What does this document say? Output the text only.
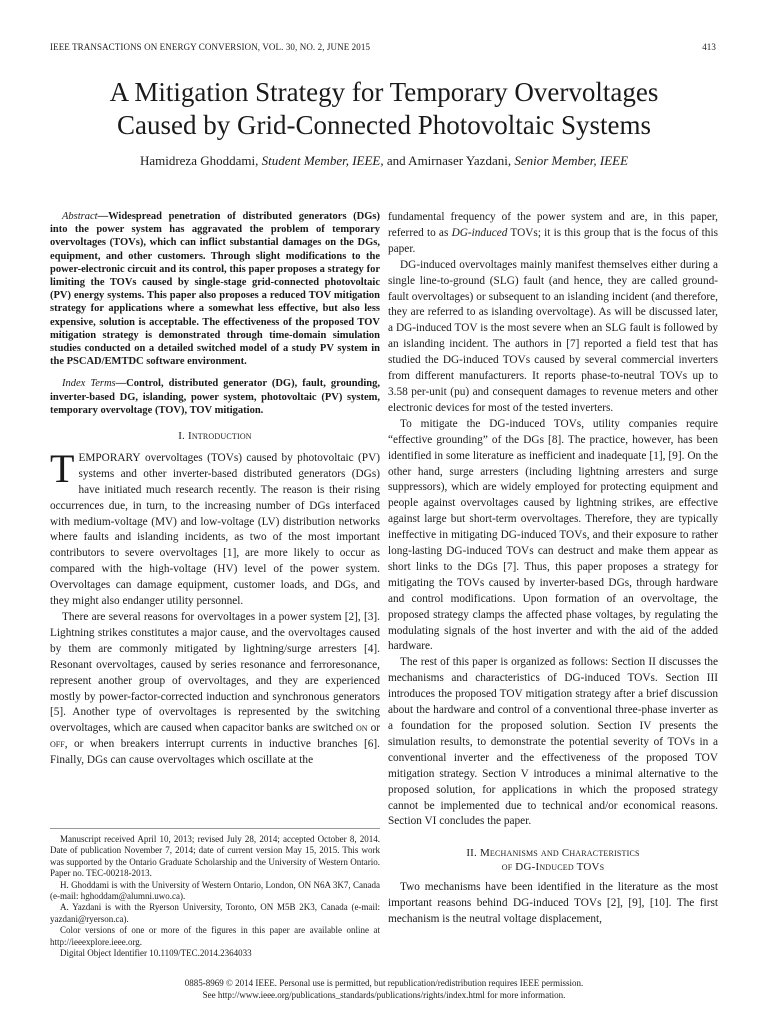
IEEE TRANSACTIONS ON ENERGY CONVERSION, VOL. 30, NO. 2, JUNE 2015	413
A Mitigation Strategy for Temporary Overvoltages
Caused by Grid-Connected Photovoltaic Systems
Hamidreza Ghoddami, Student Member, IEEE, and Amirnaser Yazdani, Senior Member, IEEE

Abstract—Widespread penetration of distributed generators (DGs) into the power system has aggravated the problem of temporary overvoltages (TOVs), which can inflict substantial damages on the DGs, equipment, and other customers. Through slight modifications to the power-electronic circuit and its control, this paper proposes a strategy for limiting the TOVs caused by single-stage grid-connected photovoltaic (PV) energy systems. This paper also proposes a reduced TOV mitigation strategy for applications where a somewhat less effective, but also less expensive, solution is acceptable. The effectiveness of the proposed TOV mitigation strategy is demonstrated through time-domain simulation studies conducted on a detailed switched model of a study PV system in the PSCAD/EMTDC software environment.

Index Terms—Control, distributed generator (DG), fault, grounding, inverter-based DG, islanding, power system, photovoltaic (PV) system, temporary overvoltage (TOV), TOV mitigation.

I. Introduction

TEMPORARY overvoltages (TOVs) caused by photovoltaic (PV) systems and other inverter-based distributed generators (DGs) have initiated much research recently. The reason is their rising occurrences due, in turn, to the increasing number of DGs interfaced with medium-voltage (MV) and low-voltage (LV) distribution networks where faults and islanding incidents, as two of the most important contributors to severe overvoltages [1], are more likely to occur as compared with the high-voltage (HV) level of the power system. Overvoltages can damage equipment, customer loads, and DGs, and they might also endanger utility personnel.

There are several reasons for overvoltages in a power system [2], [3]. Lightning strikes constitutes a major cause, and the overvoltages caused by them are commonly mitigated by lightning/surge arresters [4]. Resonant overvoltages, caused by series resonance and ferroresonance, represent another group of overvoltages, and they are experienced mostly by power-factor-corrected induction and synchronous generators [5]. Another type of overvoltages is represented by the switching overvoltages, which are caused when capacitor banks are switched on or off, or when breakers interrupt currents in inductive branches [6]. Finally, DGs can cause overvoltages which oscillate at the

Manuscript received April 10, 2013; revised July 28, 2014; accepted October 8, 2014. Date of publication November 7, 2014; date of current version May 15, 2015. This work was supported by the Ontario Graduate Scholarship and the University of Western Ontario. Paper no. TEC-00218-2013.

H. Ghoddami is with the University of Western Ontario, London, ON N6A 3K7, Canada (e-mail: hghoddam@alumni.uwo.ca).

A. Yazdani is with the Ryerson University, Toronto, ON M5B 2K3, Canada (e-mail: yazdani@ryerson.ca).

Color versions of one or more of the figures in this paper are available online at http://ieeexplore.ieee.org.

Digital Object Identifier 10.1109/TEC.2014.2364033

fundamental frequency of the power system and are, in this paper, referred to as DG-induced TOVs; it is this group that is the focus of this paper.

DG-induced overvoltages mainly manifest themselves either during a single line-to-ground (SLG) fault (and hence, they are called ground-fault overvoltages) or subsequent to an islanding incident (and therefore, they are referred to as islanding overvoltage). As will be discussed later, a DG-induced TOV is the most severe when an SLG fault is followed by an islanding incident. The authors in [7] reported a field test that has studied the DG-induced TOVs caused by several commercial inverters from different manufacturers. It reports phase-to-neutral TOVs up to 3.58 per-unit (pu) and consequent damages to revenue meters and other electronic devices for most of the tested inverters.

To mitigate the DG-induced TOVs, utility companies require “effective grounding” of the DGs [8]. The practice, however, has been identified in some literature as inefficient and inadequate [1], [9]. On the other hand, surge arresters (including lightning arresters and surge suppressors), which are widely employed for protecting equipment and people against overvoltages caused by lightning strikes, are effective against large but short-term overvoltages. Therefore, they are typically ineffective in mitigating DG-induced TOVs, and their exposure to rather long-lasting DG-induced TOVs can destruct and make them appear as short links to the DGs [7]. Thus, this paper proposes a strategy for mitigating the TOVs caused by inverter-based DGs, through hardware and control modifications. Upon formation of an overvoltage, the proposed strategy clamps the affected phase voltages, by regulating the modulating signals of the host inverter and with the aid of the added hardware.

The rest of this paper is organized as follows: Section II discusses the mechanisms and characteristics of DG-induced TOVs. Section III introduces the proposed TOV mitigation strategy after a brief discussion about the hardware and control of a conventional three-phase inverter as a foundation for the proposed solution. Section IV presents the simulation results, to demonstrate the potential severity of TOVs in a conventional inverter and the effectiveness of the proposed TOV mitigation strategy. Section V introduces a minimal alternative to the proposed solution, for applications in which the proposed strategy cannot be implemented due to technical and/or economical reasons. Section VI concludes the paper.

II. Mechanisms and Characteristics
of DG-Induced TOVs

Two mechanisms have been identified in the literature as the most important reasons behind DG-induced TOVs [2], [9], [10]. The first mechanism is the neutral voltage displacement,

0885-8969 © 2014 IEEE. Personal use is permitted, but republication/redistribution requires IEEE permission.
See http://www.ieee.org/publications_standards/publications/rights/index.html for more information.
